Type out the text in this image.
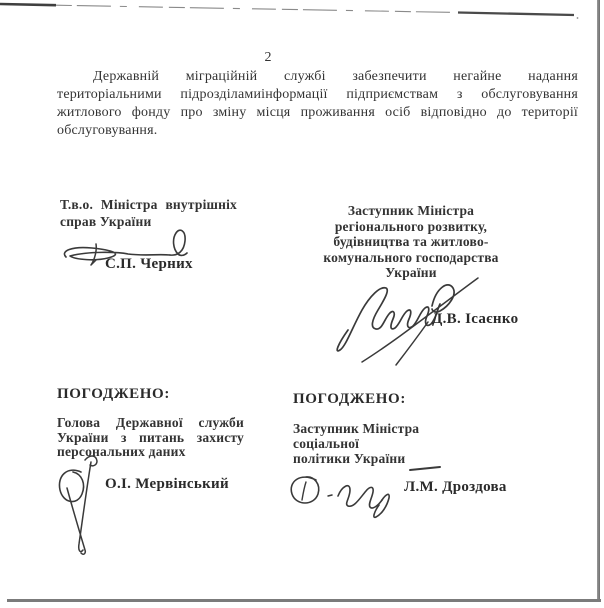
2
Державній міграційній службі забезпечити негайне надання
територіальними підрозділамиінформації підприємствам з обслуговування
житлового фонду про зміну місця проживання осіб відповідно до території
обслуговування.
Т.в.о. Міністра внутрішніх
справ України
С.П. Черних
Заступник Міністра
регіонального розвитку,
будівництва та житлово-
комунального господарства
України
Д.В. Ісаєнко
ПОГОДЖЕНО:
Голова Державної служби
України з питань захисту
персональних даних
О.І. Мервінський
ПОГОДЖЕНО:
Заступник Міністра
соціальної
політики України
Л.М. Дроздова
